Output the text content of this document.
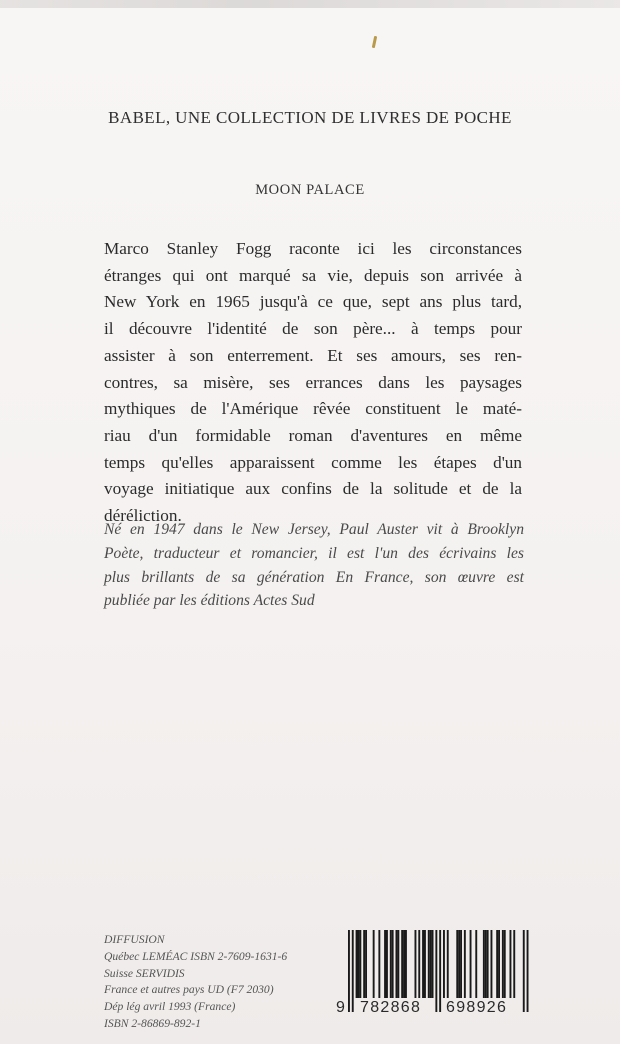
BABEL, UNE COLLECTION DE LIVRES DE POCHE
MOON PALACE
Marco Stanley Fogg raconte ici les circonstances
étranges qui ont marqué sa vie, depuis son arrivée à
New York en 1965 jusqu'à ce que, sept ans plus tard,
il découvre l'identité de son père... à temps pour
assister à son enterrement. Et ses amours, ses ren-
contres, sa misère, ses errances dans les paysages
mythiques de l'Amérique rêvée constituent le maté-
riau d'un formidable roman d'aventures en même
temps qu'elles apparaissent comme les étapes d'un
voyage initiatique aux confins de la solitude et de la
déréliction.
Né en 1947 dans le New Jersey, Paul Auster vit à Brooklyn
Poète, traducteur et romancier, il est l'un des écrivains les
plus brillants de sa génération En France, son œuvre est
publiée par les éditions Actes Sud
DIFFUSION
Québec LEMÉAC ISBN 2-7609-1631-6
Suisse SERVIDIS
France et autres pays UD (F7 2030)
Dép lég avril 1993 (France)
ISBN 2-86869-892-1
9 782868 698926
